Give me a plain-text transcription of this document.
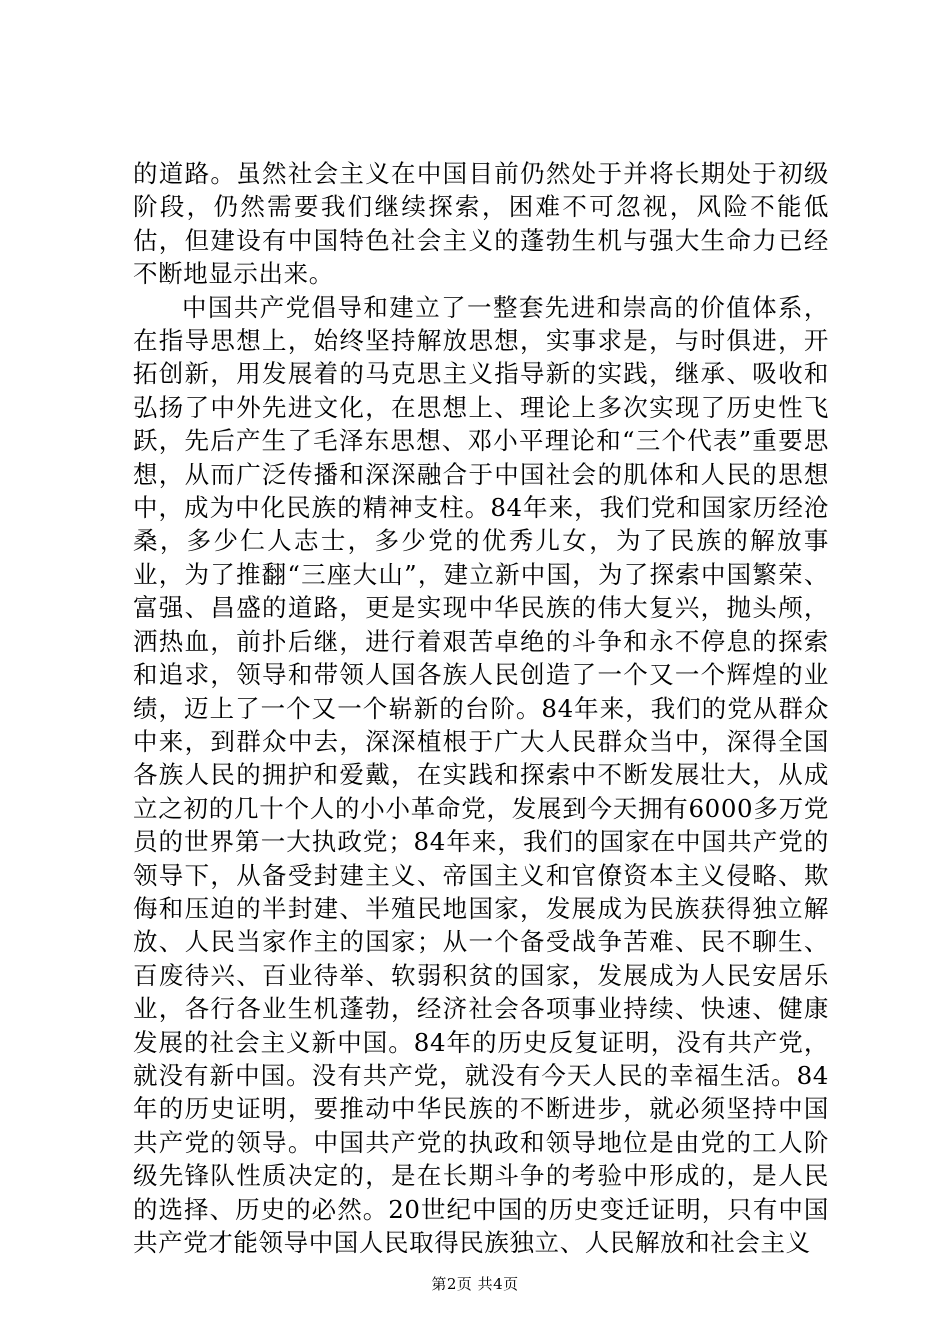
的道路。虽然社会主义在中国目前仍然处于并将长期处于初级阶段，仍然需要我们继续探索，困难不可忽视，风险不能低估，但建设有中国特色社会主义的蓬勃生机与强大生命力已经不断地显示出来。

中国共产党倡导和建立了一整套先进和崇高的价值体系，在指导思想上，始终坚持解放思想，实事求是，与时俱进，开拓创新，用发展着的马克思主义指导新的实践，继承、吸收和弘扬了中外先进文化，在思想上、理论上多次实现了历史性飞跃，先后产生了毛泽东思想、邓小平理论和“三个代表”重要思想，从而广泛传播和深深融合于中国社会的肌体和人民的思想中，成为中化民族的精神支柱。84年来，我们党和国家历经沧桑，多少仁人志士，多少党的优秀儿女，为了民族的解放事业，为了推翻“三座大山”，建立新中国，为了探索中国繁荣、富强、昌盛的道路，更是实现中华民族的伟大复兴，抛头颅，洒热血，前扑后继，进行着艰苦卓绝的斗争和永不停息的探索和追求，领导和带领人国各族人民创造了一个又一个辉煌的业绩，迈上了一个又一个崭新的台阶。84年来，我们的党从群众中来，到群众中去，深深植根于广大人民群众当中，深得全国各族人民的拥护和爱戴，在实践和探索中不断发展壮大，从成立之初的几十个人的小小革命党，发展到今天拥有6000多万党员的世界第一大执政党；84年来，我们的国家在中国共产党的领导下，从备受封建主义、帝国主义和官僚资本主义侵略、欺侮和压迫的半封建、半殖民地国家，发展成为民族获得独立解放、人民当家作主的国家；从一个备受战争苦难、民不聊生、百废待兴、百业待举、软弱积贫的国家，发展成为人民安居乐业，各行各业生机蓬勃，经济社会各项事业持续、快速、健康发展的社会主义新中国。84年的历史反复证明，没有共产党，就没有新中国。没有共产党，就没有今天人民的幸福生活。84年的历史证明，要推动中华民族的不断进步，就必须坚持中国共产党的领导。中国共产党的执政和领导地位是由党的工人阶级先锋队性质决定的，是在长期斗争的考验中形成的，是人民的选择、历史的必然。20世纪中国的历史变迁证明，只有中国共产党才能领导中国人民取得民族独立、人民解放和社会主义

第2页 共4页
